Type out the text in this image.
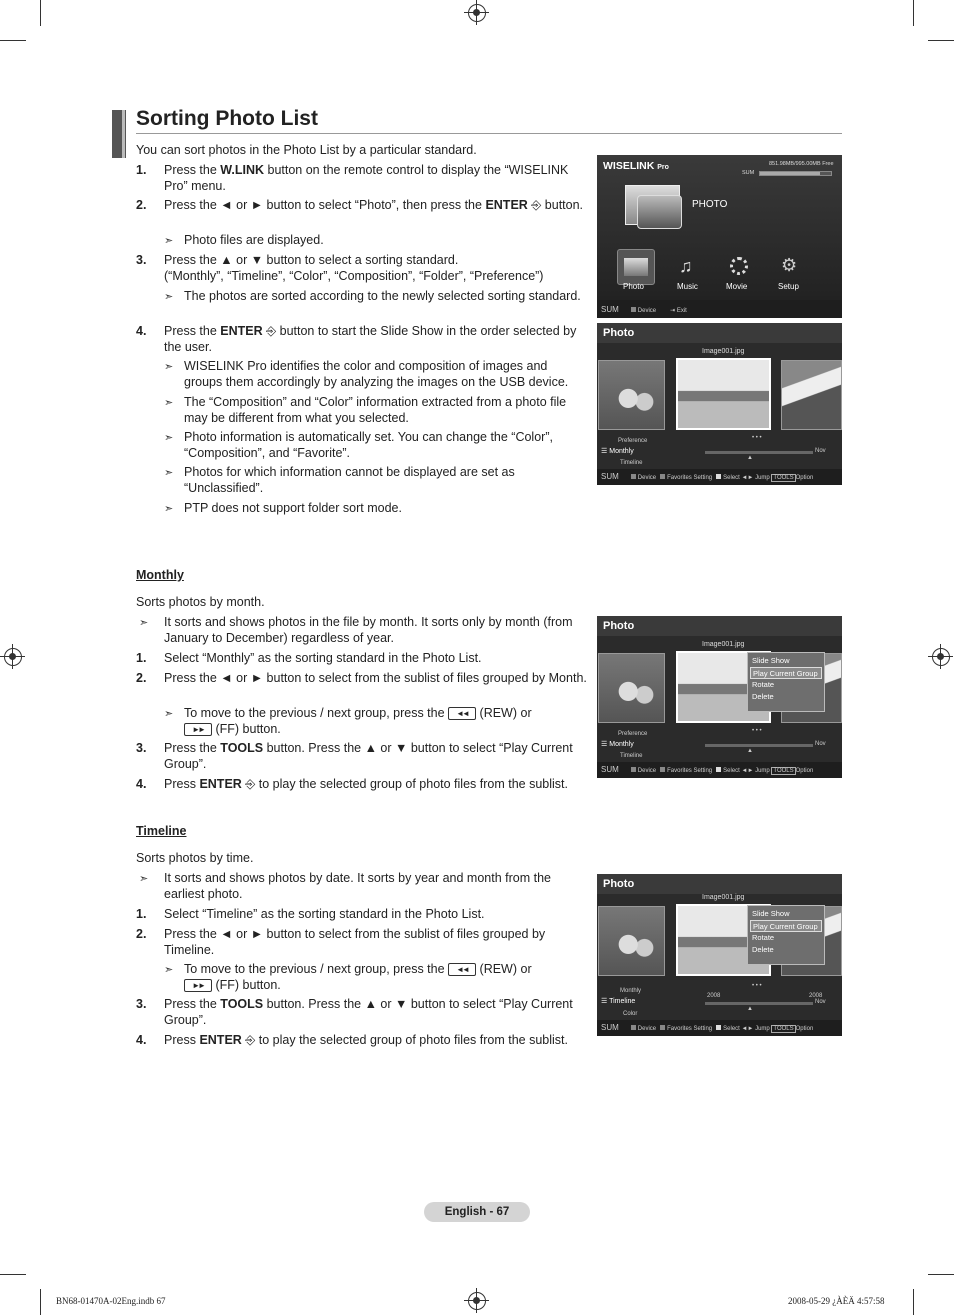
Sorting Photo List
You can sort photos in the Photo List by a particular standard.
1. Press the W.LINK button on the remote control to display the “WISELINK Pro” menu.
2. Press the ◄ or ► button to select “Photo”, then press the ENTER ⎆ button.
➣ Photo files are displayed.
3. Press the ▲ or ▼ button to select a sorting standard.
(“Monthly”, “Timeline”, “Color”, “Composition”, “Folder”, “Preference”)
➣ The photos are sorted according to the newly selected sorting standard.
4. Press the ENTER ⎆ button to start the Slide Show in the order selected by the user.
➣ WISELINK Pro identifies the color and composition of images and groups them accordingly by analyzing the images on the USB device.
➣ The “Composition” and “Color” information extracted from a photo file may be different from what you selected.
➣ Photo information is automatically set. You can change the “Color”, “Composition”, and “Favorite”.
➣ Photos for which information cannot be displayed are set as “Unclassified”.
➣ PTP does not support folder sort mode.
Monthly
Sorts photos by month.
➣ It sorts and shows photos in the file by month. It sorts only by month (from January to December) regardless of year.
1. Select “Monthly” as the sorting standard in the Photo List.
2. Press the ◄ or ► button to select from the sublist of files grouped by Month.
➣ To move to the previous / next group, press the ◄◄ (REW) or
►► (FF) button.
3. Press the TOOLS button. Press the ▲ or ▼ button to select “Play Current Group”.
4. Press ENTER ⎆ to play the selected group of photo files from the sublist.
Timeline
Sorts photos by time.
➣ It sorts and shows photos by date. It sorts by year and month from the earliest photo.
1. Select “Timeline” as the sorting standard in the Photo List.
2. Press the ◄ or ► button to select from the sublist of files grouped by Timeline.
➣ To move to the previous / next group, press the ◄◄ (REW) or
►► (FF) button.
3. Press the TOOLS button. Press the ▲ or ▼ button to select “Play Current Group”.
4. Press ENTER ⎆ to play the selected group of photo files from the sublist.
WISELINK Pro	851.98MB/995.00MB Free
SUM
PHOTO
♫	⚙
Photo	Music	Movie	Setup
SUM	Device ⇥ Exit
Photo
Image001.jpg
Preference
☰ Monthly
Timeline
• • •
Nov
▲
SUM	Device Favorites Setting Select ◄► Jump TOOLS Option
Photo
Image001.jpg
Slide Show
Play Current Group
Rotate
Delete
Preference
☰ Monthly
Timeline
• • •
Nov
▲
SUM	Device Favorites Setting Select ◄► Jump TOOLS Option
Photo
Image001.jpg
Slide Show
Play Current Group
Rotate
Delete
Monthly
☰ Timeline
Color
• • •
2008	2008
Nov
▲
SUM	Device Favorites Setting Select ◄► Jump TOOLS Option
English - 67
BN68-01470A-02Eng.indb 67	2008-05-29 ¿ÀÈÄ 4:57:58
